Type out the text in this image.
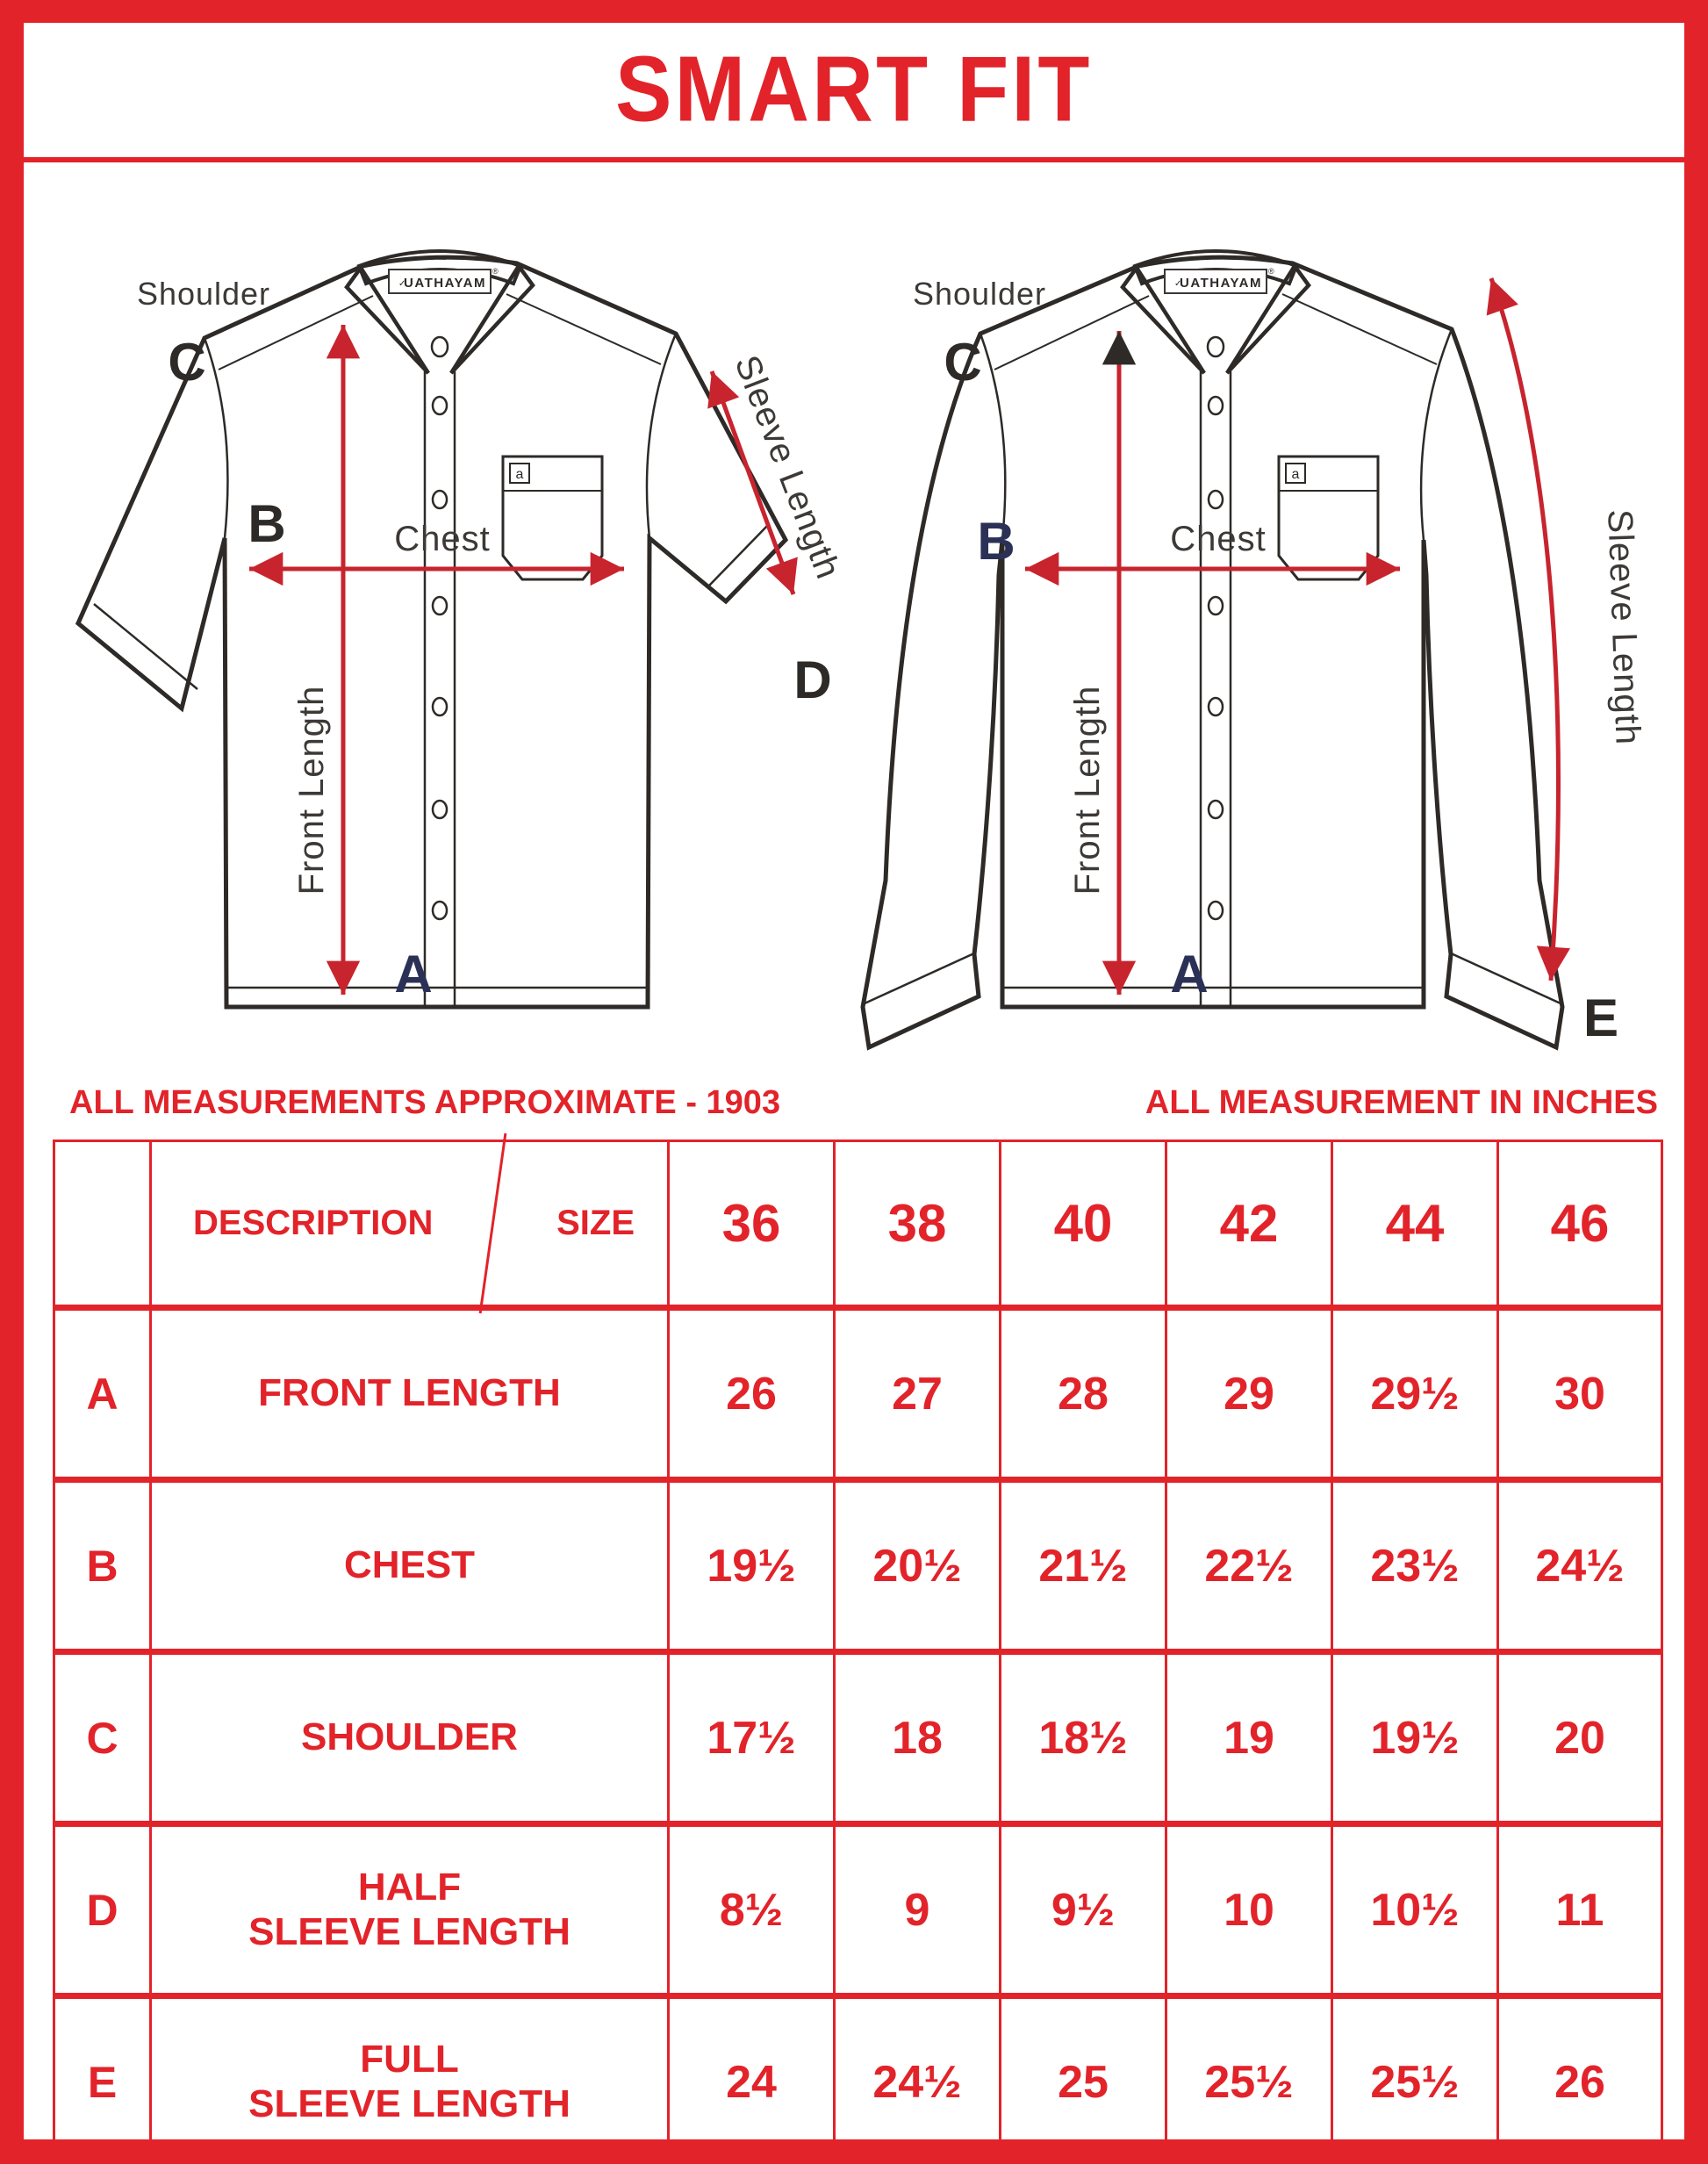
SMART FIT
a
✓
UATHAYAM
®
Shoulder
C
B	Chest
D
A
Front Length
Sleeve Length	a
✓
UATHAYAM
®
Shoulder
C
B	Chest
A
E
Front Length
Sleeve Length
ALL MEASUREMENTS APPROXIMATE - 1903	ALL MEASUREMENT IN INCHES

	DESCRIPTION SIZE	36	38	40	42	44	46
A	FRONT LENGTH	26	27	28	29	29½	30
B	CHEST	19½	20½	21½	22½	23½	24½
C	SHOULDER	17½	18	18½	19	19½	20
D	HALF
SLEEVE LENGTH	8½	9	9½	10	10½	11
E	FULL
SLEEVE LENGTH	24	24½	25	25½	25½	26
